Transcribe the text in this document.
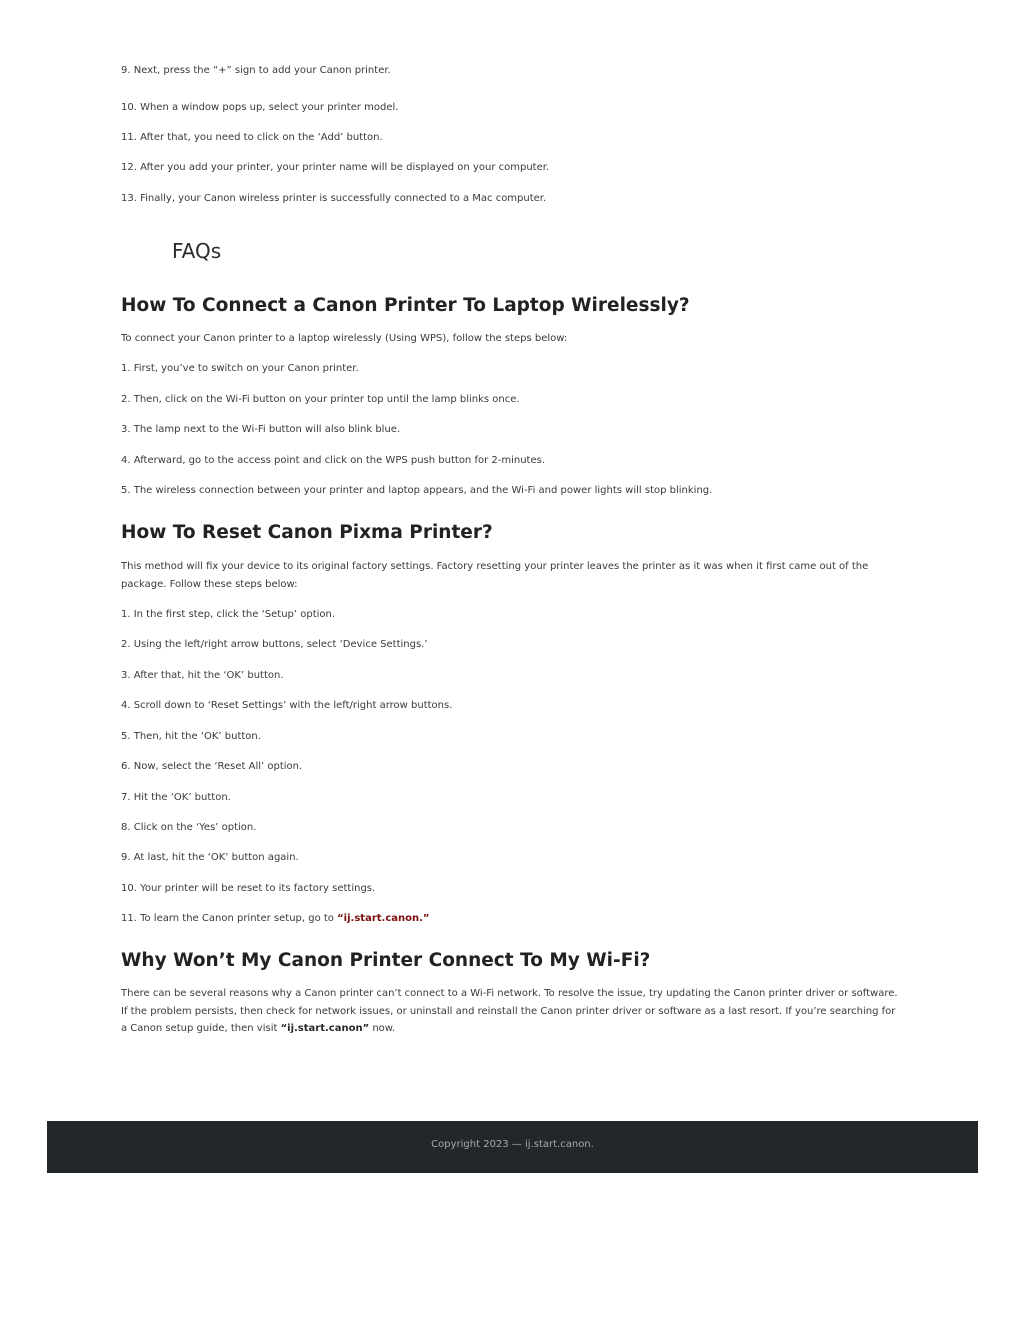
9. Next, press the “+” sign to add your Canon printer.

10. When a window pops up, select your printer model.

11. After that, you need to click on the ‘Add’ button.

12. After you add your printer, your printer name will be displayed on your computer.

13. Finally, your Canon wireless printer is successfully connected to a Mac computer.

FAQs
How To Connect a Canon Printer To Laptop Wirelessly?

To connect your Canon printer to a laptop wirelessly (Using WPS), follow the steps below:

1. First, you’ve to switch on your Canon printer.

2. Then, click on the Wi-Fi button on your printer top until the lamp blinks once.

3. The lamp next to the Wi-Fi button will also blink blue.

4. Afterward, go to the access point and click on the WPS push button for 2-minutes.

5. The wireless connection between your printer and laptop appears, and the Wi-Fi and power lights will stop blinking.

How To Reset Canon Pixma Printer?

This method will fix your device to its original factory settings. Factory resetting your printer leaves the printer as it was when it first came out of the package. Follow these steps below:

1. In the first step, click the ‘Setup’ option.

2. Using the left/right arrow buttons, select ‘Device Settings.’

3. After that, hit the ‘OK’ button.

4. Scroll down to ‘Reset Settings’ with the left/right arrow buttons.

5. Then, hit the ‘OK’ button.

6. Now, select the ‘Reset All’ option.

7. Hit the ‘OK’ button.

8. Click on the ‘Yes’ option.

9. At last, hit the ‘OK’ button again.

10. Your printer will be reset to its factory settings.

11. To learn the Canon printer setup, go to “ij.start.canon.”

Why Won’t My Canon Printer Connect To My Wi-Fi?

There can be several reasons why a Canon printer can’t connect to a Wi-Fi network. To resolve the issue, try updating the Canon printer driver or software. If the problem persists, then check for network issues, or uninstall and reinstall the Canon printer driver or software as a last resort. If you’re searching for a Canon setup guide, then visit “ij.start.canon” now.

Copyright 2023 — ij.start.canon.
